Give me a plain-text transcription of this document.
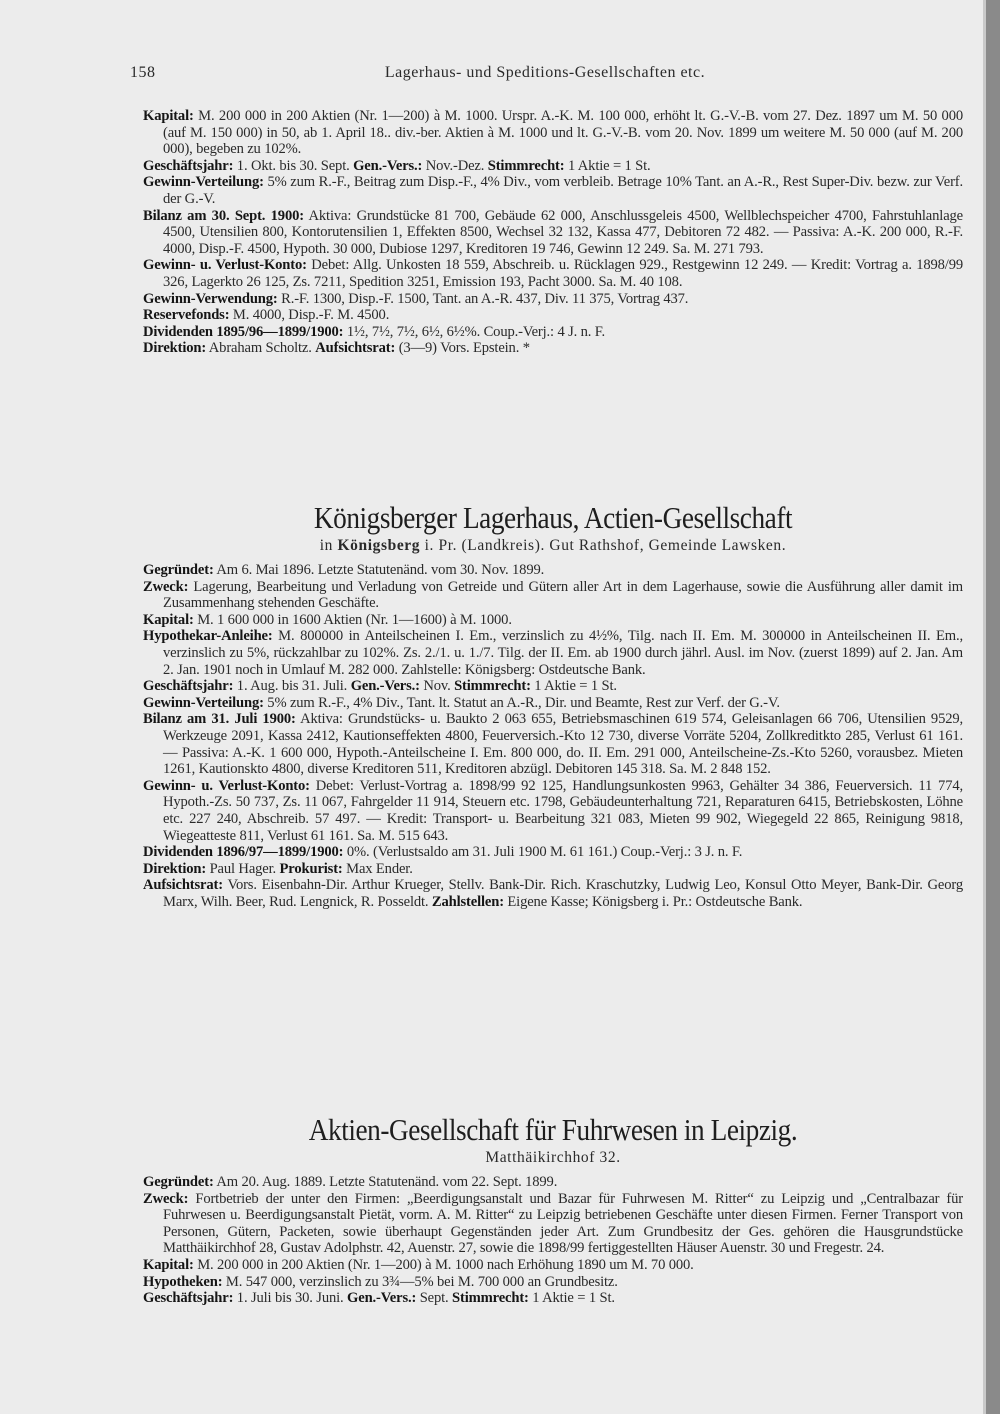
158	Lagerhaus- und Speditions-Gesellschaften etc.
Kapital: M. 200 000 in 200 Aktien (Nr. 1—200) à M. 1000. Urspr. A.-K. M. 100 000, erhöht lt. G.-V.-B. vom 27. Dez. 1897 um M. 50 000 (auf M. 150 000) in 50, ab 1. April 18.. div.-ber. Aktien à M. 1000 und lt. G.-V.-B. vom 20. Nov. 1899 um weitere M. 50 000 (auf M. 200 000), begeben zu 102%.
Geschäftsjahr: 1. Okt. bis 30. Sept. Gen.-Vers.: Nov.-Dez. Stimmrecht: 1 Aktie = 1 St.
Gewinn-Verteilung: 5% zum R.-F., Beitrag zum Disp.-F., 4% Div., vom verbleib. Betrage 10% Tant. an A.-R., Rest Super-Div. bezw. zur Verf. der G.-V.
Bilanz am 30. Sept. 1900: Aktiva: Grundstücke 81 700, Gebäude 62 000, Anschlussgeleis 4500, Wellblechspeicher 4700, Fahrstuhlanlage 4500, Utensilien 800, Kontorutensilien 1, Effekten 8500, Wechsel 32 132, Kassa 477, Debitoren 72 482. — Passiva: A.-K. 200 000, R.-F. 4000, Disp.-F. 4500, Hypoth. 30 000, Dubiose 1297, Kreditoren 19 746, Gewinn 12 249. Sa. M. 271 793.
Gewinn- u. Verlust-Konto: Debet: Allg. Unkosten 18 559, Abschreib. u. Rücklagen 929., Restgewinn 12 249. — Kredit: Vortrag a. 1898/99 326, Lagerkto 26 125, Zs. 7211, Spedition 3251, Emission 193, Pacht 3000. Sa. M. 40 108.
Gewinn-Verwendung: R.-F. 1300, Disp.-F. 1500, Tant. an A.-R. 437, Div. 11 375, Vortrag 437.
Reservefonds: M. 4000, Disp.-F. M. 4500.
Dividenden 1895/96—1899/1900: 1½, 7½, 7½, 6½, 6½%. Coup.-Verj.: 4 J. n. F.
Direktion: Abraham Scholtz. Aufsichtsrat: (3—9) Vors. Epstein. *
Königsberger Lagerhaus, Actien-Gesellschaft
in Königsberg i. Pr. (Landkreis). Gut Rathshof, Gemeinde Lawsken.
Gegründet: Am 6. Mai 1896. Letzte Statutenänd. vom 30. Nov. 1899.
Zweck: Lagerung, Bearbeitung und Verladung von Getreide und Gütern aller Art in dem Lagerhause, sowie die Ausführung aller damit im Zusammenhang stehenden Geschäfte.
Kapital: M. 1 600 000 in 1600 Aktien (Nr. 1—1600) à M. 1000.
Hypothekar-Anleihe: M. 800000 in Anteilscheinen I. Em., verzinslich zu 4½%, Tilg. nach II. Em. M. 300000 in Anteilscheinen II. Em., verzinslich zu 5%, rückzahlbar zu 102%. Zs. 2./1. u. 1./7. Tilg. der II. Em. ab 1900 durch jährl. Ausl. im Nov. (zuerst 1899) auf 2. Jan. Am 2. Jan. 1901 noch in Umlauf M. 282 000. Zahlstelle: Königsberg: Ostdeutsche Bank.
Geschäftsjahr: 1. Aug. bis 31. Juli. Gen.-Vers.: Nov. Stimmrecht: 1 Aktie = 1 St.
Gewinn-Verteilung: 5% zum R.-F., 4% Div., Tant. lt. Statut an A.-R., Dir. und Beamte, Rest zur Verf. der G.-V.
Bilanz am 31. Juli 1900: Aktiva: Grundstücks- u. Baukto 2 063 655, Betriebsmaschinen 619 574, Geleisanlagen 66 706, Utensilien 9529, Werkzeuge 2091, Kassa 2412, Kautionseffekten 4800, Feuerversich.-Kto 12 730, diverse Vorräte 5204, Zollkreditkto 285, Verlust 61 161. — Passiva: A.-K. 1 600 000, Hypoth.-Anteilscheine I. Em. 800 000, do. II. Em. 291 000, Anteilscheine-Zs.-Kto 5260, vorausbez. Mieten 1261, Kautionskto 4800, diverse Kreditoren 511, Kreditoren abzügl. Debitoren 145 318. Sa. M. 2 848 152.
Gewinn- u. Verlust-Konto: Debet: Verlust-Vortrag a. 1898/99 92 125, Handlungsunkosten 9963, Gehälter 34 386, Feuerversich. 11 774, Hypoth.-Zs. 50 737, Zs. 11 067, Fahrgelder 11 914, Steuern etc. 1798, Gebäudeunterhaltung 721, Reparaturen 6415, Betriebskosten, Löhne etc. 227 240, Abschreib. 57 497. — Kredit: Transport- u. Bearbeitung 321 083, Mieten 99 902, Wiegegeld 22 865, Reinigung 9818, Wiegeatteste 811, Verlust 61 161. Sa. M. 515 643.
Dividenden 1896/97—1899/1900: 0%. (Verlustsaldo am 31. Juli 1900 M. 61 161.) Coup.-Verj.: 3 J. n. F.
Direktion: Paul Hager. Prokurist: Max Ender.
Aufsichtsrat: Vors. Eisenbahn-Dir. Arthur Krueger, Stellv. Bank-Dir. Rich. Kraschutzky, Ludwig Leo, Konsul Otto Meyer, Bank-Dir. Georg Marx, Wilh. Beer, Rud. Lengnick, R. Posseldt. Zahlstellen: Eigene Kasse; Königsberg i. Pr.: Ostdeutsche Bank.
Aktien-Gesellschaft für Fuhrwesen in Leipzig.
Matthäikirchhof 32.
Gegründet: Am 20. Aug. 1889. Letzte Statutenänd. vom 22. Sept. 1899.
Zweck: Fortbetrieb der unter den Firmen: „Beerdigungsanstalt und Bazar für Fuhrwesen M. Ritter“ zu Leipzig und „Centralbazar für Fuhrwesen u. Beerdigungsanstalt Pietät, vorm. A. M. Ritter“ zu Leipzig betriebenen Geschäfte unter diesen Firmen. Ferner Transport von Personen, Gütern, Packeten, sowie überhaupt Gegenständen jeder Art. Zum Grundbesitz der Ges. gehören die Hausgrundstücke Matthäikirchhof 28, Gustav Adolphstr. 42, Auenstr. 27, sowie die 1898/99 fertiggestellten Häuser Auenstr. 30 und Fregestr. 24.
Kapital: M. 200 000 in 200 Aktien (Nr. 1—200) à M. 1000 nach Erhöhung 1890 um M. 70 000.
Hypotheken: M. 547 000, verzinslich zu 3¾—5% bei M. 700 000 an Grundbesitz.
Geschäftsjahr: 1. Juli bis 30. Juni. Gen.-Vers.: Sept. Stimmrecht: 1 Aktie = 1 St.
